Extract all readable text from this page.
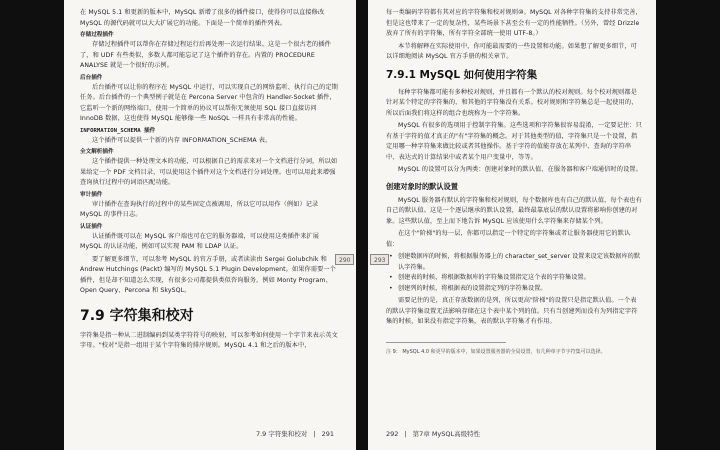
在 MySQL 5.1 和更新的版本中，MySQL 新增了很多的插件接口，使得你可以直接修改 MySQL 的源代码就可以大大扩展它的功能。下面是一个简单的插件列表。

存储过程插件

存储过程插件可以帮你在存储过程运行后再处理一次运行结果。这是一个很古老的插件了，和 UDF 有些类似，多数人都可能忘记了这个插件的存在。内置的 PROCEDURE ANALYSE 就是一个很好的示例。

后台插件

后台插件可以让你的程序在 MySQL 中运行，可以实现自己的网络监听、执行自己的定期任务。后台插件的一个典型例子就是在 Percona Server 中包含的 Handler-Socket 插件，它监听一个新的网络端口，使用一个简单的协议可以帮你无须使用 SQL 接口直接访问 InnoDB 数据，这也使得 MySQL 能够像一些 NoSQL 一样具有非常高的性能。

INFORMATION_SCHEMA 插件

这个插件可以提供一个新的内存 INFORMATION_SCHEMA 表。

全文解析插件

这个插件提供一种处理文本的功能，可以根据自己的需求来对一个文档进行分词，所以如果给定一个 PDF 文档目录，可以使用这个插件对这个文档进行分词处理。也可以用此来增强查询执行过程中的词语匹配功能。

审计插件

审计插件在查询执行的过程中的某些固定点被调用，所以它可以用作（例如）记录 MySQL 的事件日志。

认证插件

认证插件既可以在 MySQL 客户端也可在它的服务器端，可以使用这类插件来扩展 MySQL 的认证功能，例如可以实现 PAM 和 LDAP 认证。

要了解更多细节，可以参考 MySQL 的官方手册，或者读读由 Sergei Golubchik 和 Andrew Hutchings (Packt) 编写的 MySQL 5.1 Plugin Development。如果你需要一个插件，但是却不知道怎么实现，有很多公司都提供类似咨询服务，例如 Monty Program、Open Query、Percona 和 SkySQL。

7.9 字符集和校对

字符集是指一种从二进制编码到某类字符符号的映射，可以参考如何使用一个字节来表示英文字母。"校对"是指一组用于某个字符集的排序规则。MySQL 4.1 和之后的版本中，

7.9 字符集和校对 | 291
290

每一类编码字符都有其对应的字符集和校对规则⑩。MySQL 对各种字符集的支持非常完善，但是这也带来了一定的复杂性，某些场景下甚至会有一定的性能牺牲。（另外，曾经 Drizzle 放弃了所有的字符集，所有字符全部统一使用 UTF-8。）

本节将解释在实际使用中，你可能最需要的一些设置和功能。如果想了解更多细节，可以详细地阅读 MySQL 官方手册的相关章节。

7.9.1 MySQL 如何使用字符集

每种字符集都可能有多种校对规则，并且都有一个默认的校对规则。每个校对规则都是针对某个特定的字符集的，和其他的字符集没有关系。校对规则和字符集总是一起使用的，所以后面我们将这样的组合也统称为一个字符集。

MySQL 有很多的选项用于控制字符集。这些选项和字符集很容易混淆，一定要记住：只有基于字符的值才真正的"有"字符集的概念。对于其他类型的值，字符集只是一个设置，指定用哪一种字符集来做比较或者其他操作。基于字符的值能存放在某列中、查询的字符串中、表达式的计算结果中或者某个用户变量中，等等。

MySQL 的设置可以分为两类：创建对象时的默认值、在服务器和客户端通信时的设置。

创建对象时的默认设置

MySQL 服务器有默认的字符集和校对规则，每个数据库也有自己的默认值，每个表也有自己的默认值。这是一个逐层继承的默认设置，最终最靠底层的默认设置将影响你创建的对象。这些默认值，至上而下地告诉 MySQL 应该使用什么字符集来存储某个列。

在这个"阶梯"的每一层，你都可以指定一个特定的字符集或者让服务器使用它的默认值：

• 创建数据库的时候，将根据服务器上的 character_set_server 设置来设定该数据库的默认字符集。
• 创建表的时候，将根据数据库的字符集设置指定这个表的字符集设置。
• 创建列的时候，将根据表的设置指定列的字符集设置。

需要记住的是，真正存放数据的是列，所以更高"阶梯"的设置只是指定默认值。一个表的默认字符集设置无法影响存储在这个表中某个列的值。只有当创建列而没有为列指定字符集的时候，如果没有指定字符集，表的默认字符集才有作用。

注 9： MySQL 4.0 和更早的版本中，如果设置服务器的全局设置，有几种单字节字符集可以选择。

292 | 第7章 MySQL高级特性
293
